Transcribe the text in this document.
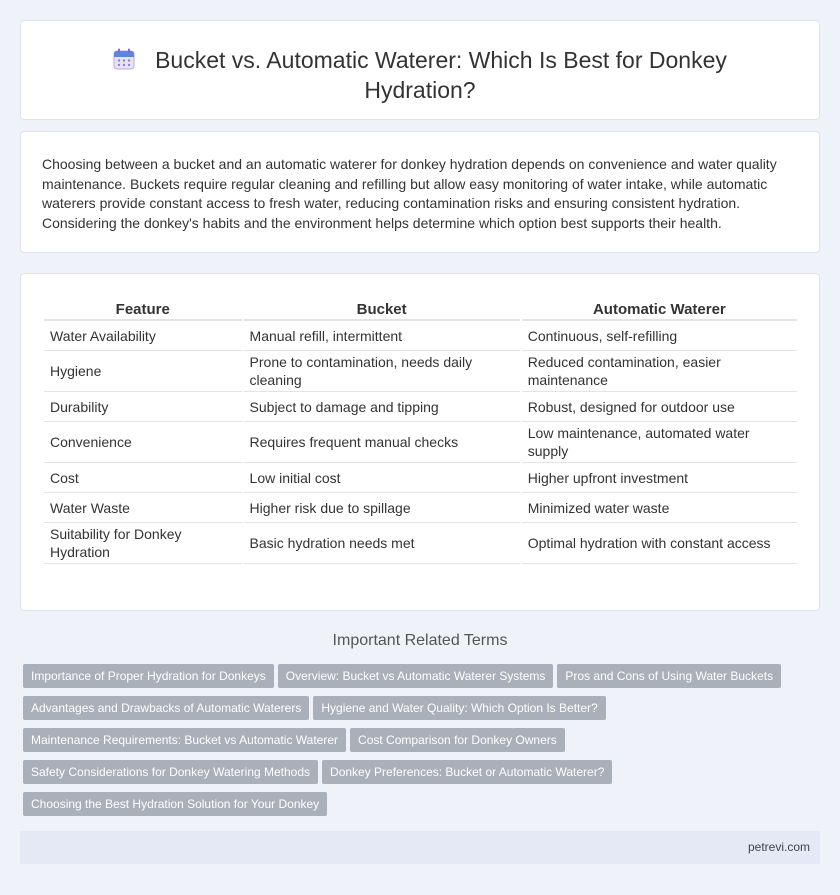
Bucket vs. Automatic Waterer: Which Is Best for Donkey Hydration?

Choosing between a bucket and an automatic waterer for donkey hydration depends on convenience and water quality maintenance. Buckets require regular cleaning and refilling but allow easy monitoring of water intake, while automatic waterers provide constant access to fresh water, reducing contamination risks and ensuring consistent hydration. Considering the donkey's habits and the environment helps determine which option best supports their health.

Feature	Bucket	Automatic Waterer
Water Availability	Manual refill, intermittent	Continuous, self-refilling
Hygiene	Prone to contamination, needs daily cleaning	Reduced contamination, easier maintenance
Durability	Subject to damage and tipping	Robust, designed for outdoor use
Convenience	Requires frequent manual checks	Low maintenance, automated water supply
Cost	Low initial cost	Higher upfront investment
Water Waste	Higher risk due to spillage	Minimized water waste
Suitability for Donkey Hydration	Basic hydration needs met	Optimal hydration with constant access
Important Related Terms
Importance of Proper Hydration for Donkeys Overview: Bucket vs Automatic Waterer Systems Pros and Cons of Using Water Buckets
Advantages and Drawbacks of Automatic Waterers Hygiene and Water Quality: Which Option Is Better?
Maintenance Requirements: Bucket vs Automatic Waterer Cost Comparison for Donkey Owners
Safety Considerations for Donkey Watering Methods Donkey Preferences: Bucket or Automatic Waterer?
Choosing the Best Hydration Solution for Your Donkey
petrevi.com
